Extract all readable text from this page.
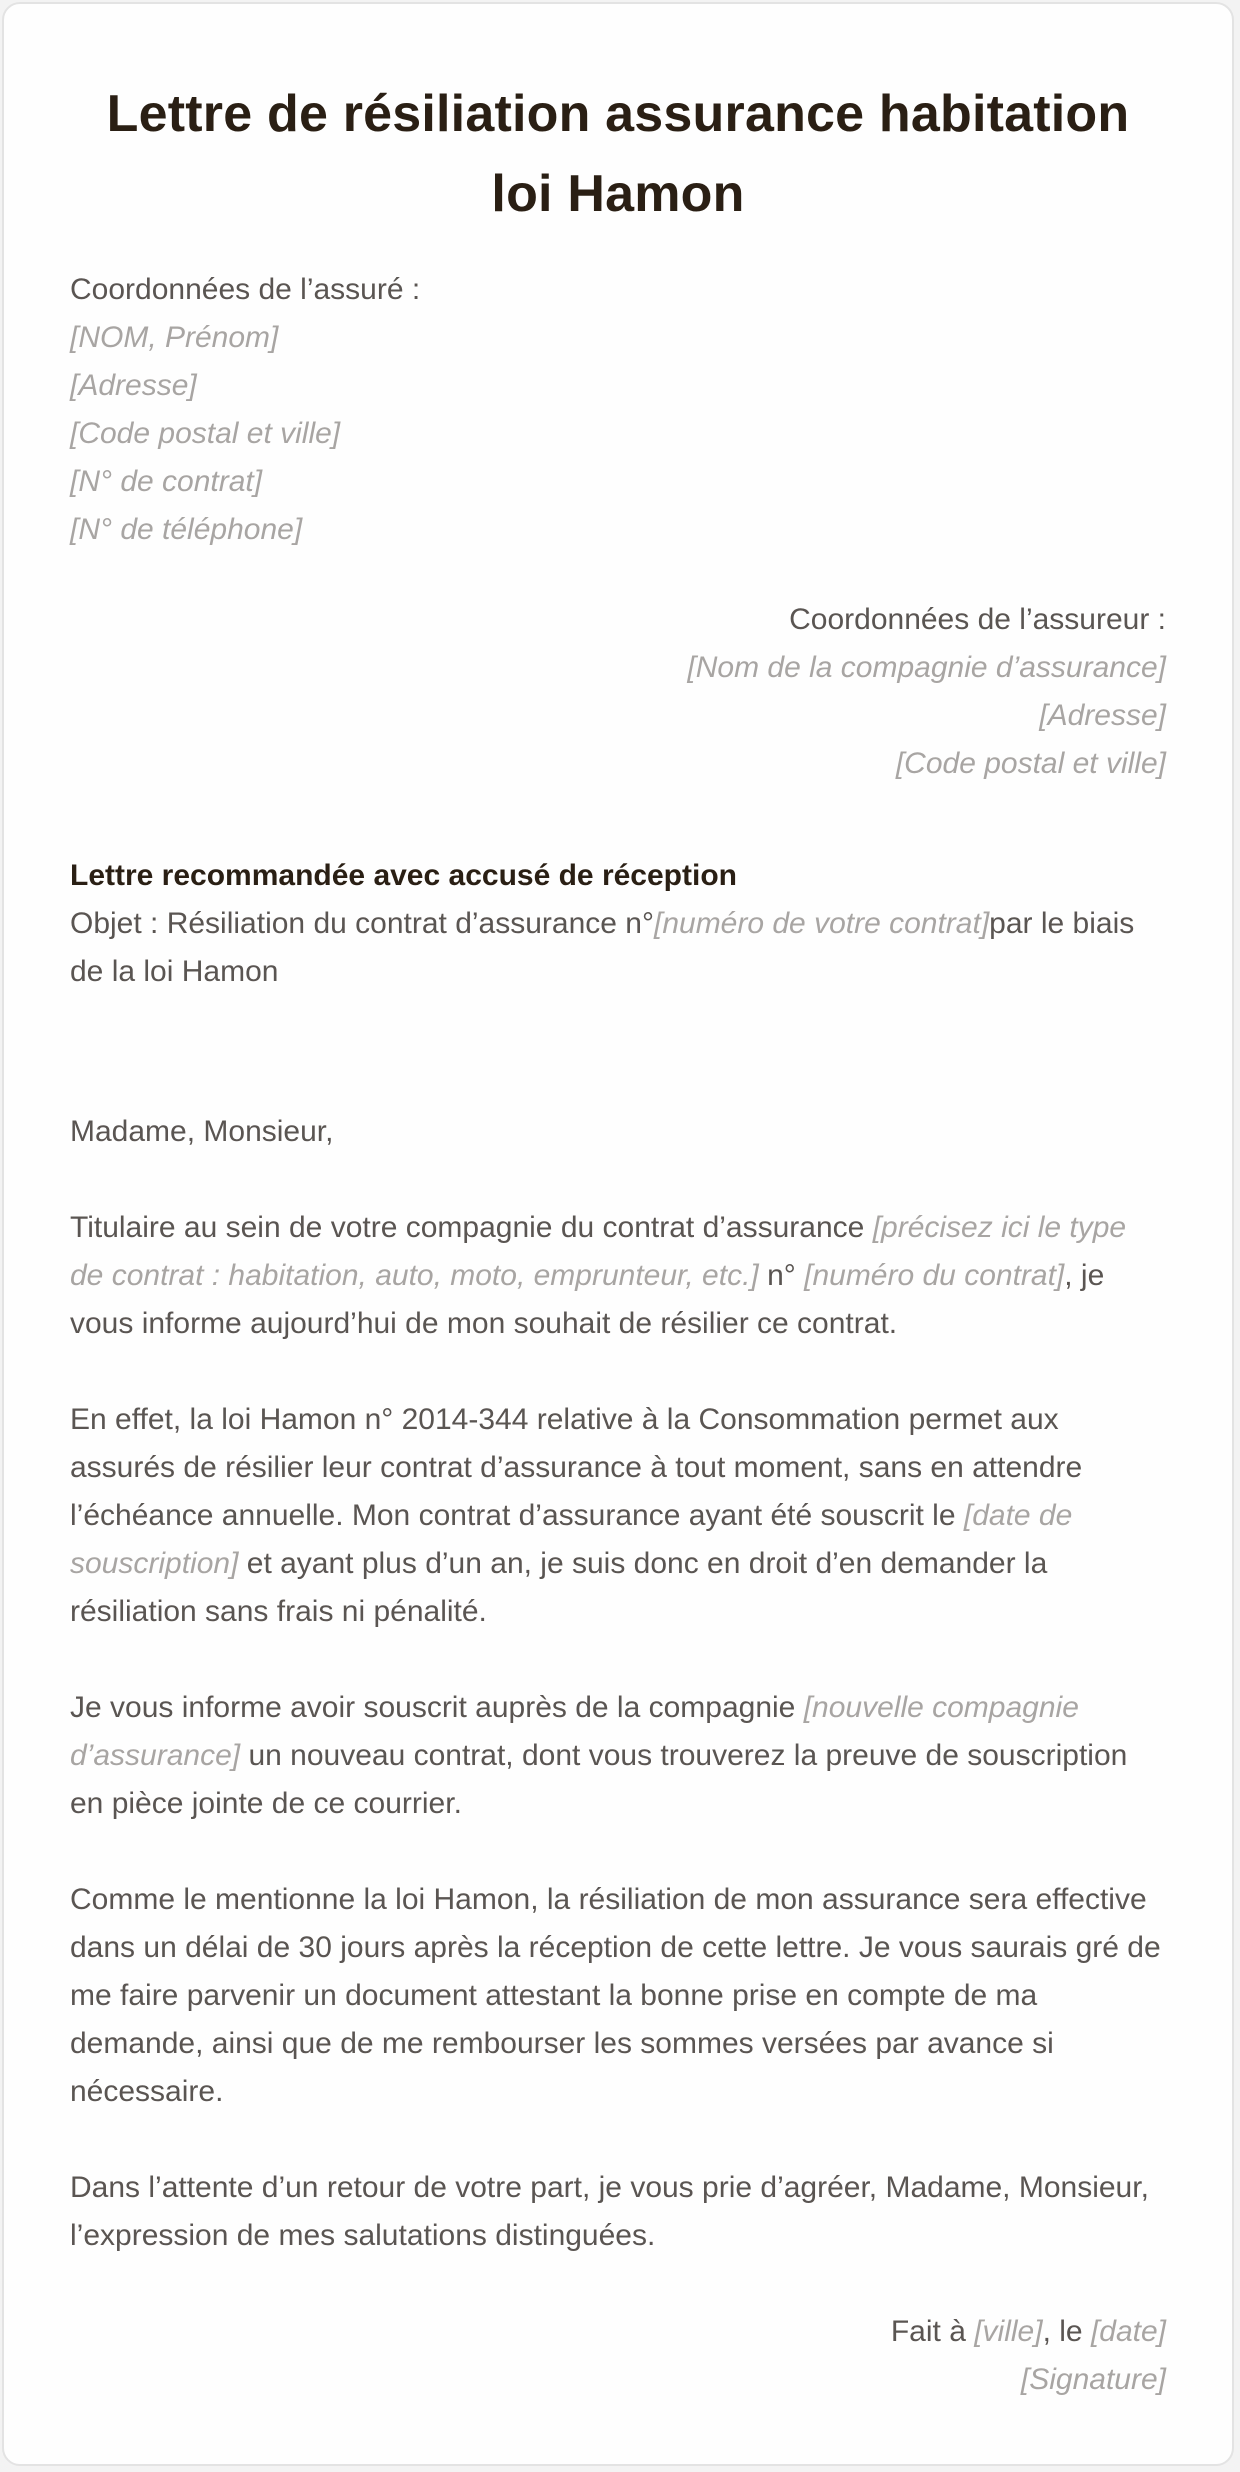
Lettre de résiliation assurance habitation
loi Hamon
Coordonnées de l’assuré :
[NOM, Prénom]
[Adresse]
[Code postal et ville]
[N° de contrat]
[N° de téléphone]
Coordonnées de l’assureur :
[Nom de la compagnie d’assurance]
[Adresse]
[Code postal et ville]
Lettre recommandée avec accusé de réception

Objet : Résiliation du contrat d’assurance n°[numéro de votre contrat]par le biais de la loi Hamon

Madame, Monsieur,

Titulaire au sein de votre compagnie du contrat d’assurance [précisez ici le type de contrat : habitation, auto, moto, emprunteur, etc.] n° [numéro du contrat], je vous informe aujourd’hui de mon souhait de résilier ce contrat.

En effet, la loi Hamon n° 2014-344 relative à la Consommation permet aux assurés de résilier leur contrat d’assurance à tout moment, sans en attendre l’échéance annuelle. Mon contrat d’assurance ayant été souscrit le [date de souscription] et ayant plus d’un an, je suis donc en droit d’en demander la résiliation sans frais ni pénalité.

Je vous informe avoir souscrit auprès de la compagnie [nouvelle compagnie d’assurance] un nouveau contrat, dont vous trouverez la preuve de souscription en pièce jointe de ce courrier.

Comme le mentionne la loi Hamon, la résiliation de mon assurance sera effective dans un délai de 30 jours après la réception de cette lettre. Je vous saurais gré de me faire parvenir un document attestant la bonne prise en compte de ma demande, ainsi que de me rembourser les sommes versées par avance si nécessaire.

Dans l’attente d’un retour de votre part, je vous prie d’agréer, Madame, Monsieur, l’expression de mes salutations distinguées.

Fait à [ville], le [date]
[Signature]
